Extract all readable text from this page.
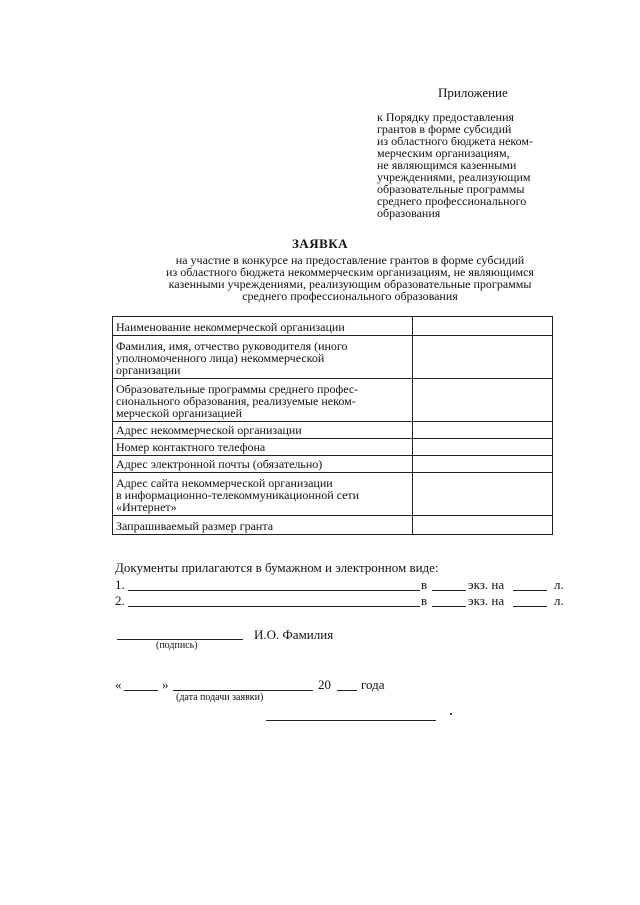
Приложение
к Порядку предоставления
грантов в форме субсидий
из областного бюджета неком-
мерческим организациям,
не являющимся казенными
учреждениями, реализующим
образовательные программы
среднего профессионального
образования
ЗАЯВКА
на участие в конкурсе на предоставление грантов в форме субсидий
из областного бюджета некоммерческим организациям, не являющимся
казенными учреждениями, реализующим образовательные программы
среднего профессионального образования
Наименование некоммерческой организации	

Фамилия, имя, отчество руководителя (иного
уполномоченного лица) некоммерческой
организации	

Образовательные программы среднего профес-
сионального образования, реализуемые неком-
мерческой организацией	

Адрес некоммерческой организации	

Номер контактного телефона	

Адрес электронной почты (обязательно)	

Адрес сайта некоммерческой организации
в информационно-телекоммуникационной сети
«Интернет»	

Запрашиваемый размер гранта	

Документы прилагаются в бумажном и электронном виде:
1.	в	экз. на	л.
2.	в	экз. на	л.
И.О. Фамилия
(подпись)
«	»	20 года
(дата подачи заявки)
